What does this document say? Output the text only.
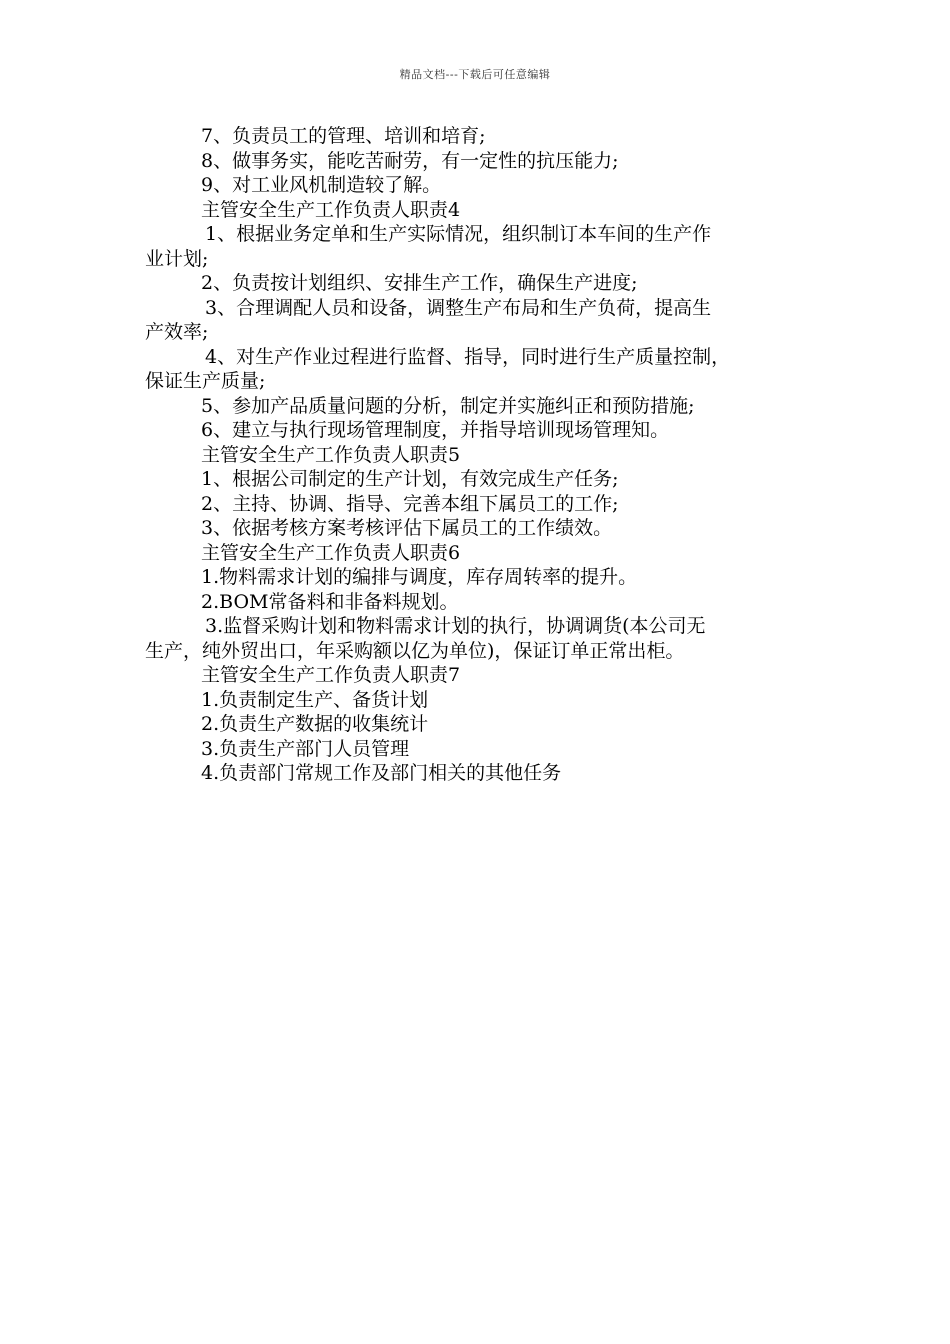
精品文档---下载后可任意编辑
7、负责员工的管理、培训和培育;
8、做事务实，能吃苦耐劳，有一定性的抗压能力;
9、对工业风机制造较了解。
主管安全生产工作负责人职责4
1、根据业务定单和生产实际情况，组织制订本车间的生产作
业计划;
2、负责按计划组织、安排生产工作，确保生产进度;
3、合理调配人员和设备，调整生产布局和生产负荷，提高生
产效率;
4、对生产作业过程进行监督、指导，同时进行生产质量控制，
保证生产质量;
5、参加产品质量问题的分析，制定并实施纠正和预防措施;
6、建立与执行现场管理制度，并指导培训现场管理知。
主管安全生产工作负责人职责5
1、根据公司制定的生产计划，有效完成生产任务;
2、主持、协调、指导、完善本组下属员工的工作;
3、依据考核方案考核评估下属员工的工作绩效。
主管安全生产工作负责人职责6
1.物料需求计划的编排与调度，库存周转率的提升。
2.BOM常备料和非备料规划。
3.监督采购计划和物料需求计划的执行，协调调货(本公司无
生产，纯外贸出口，年采购额以亿为单位)，保证订单正常出柜。
主管安全生产工作负责人职责7
1.负责制定生产、备货计划
2.负责生产数据的收集统计
3.负责生产部门人员管理
4.负责部门常规工作及部门相关的其他任务
